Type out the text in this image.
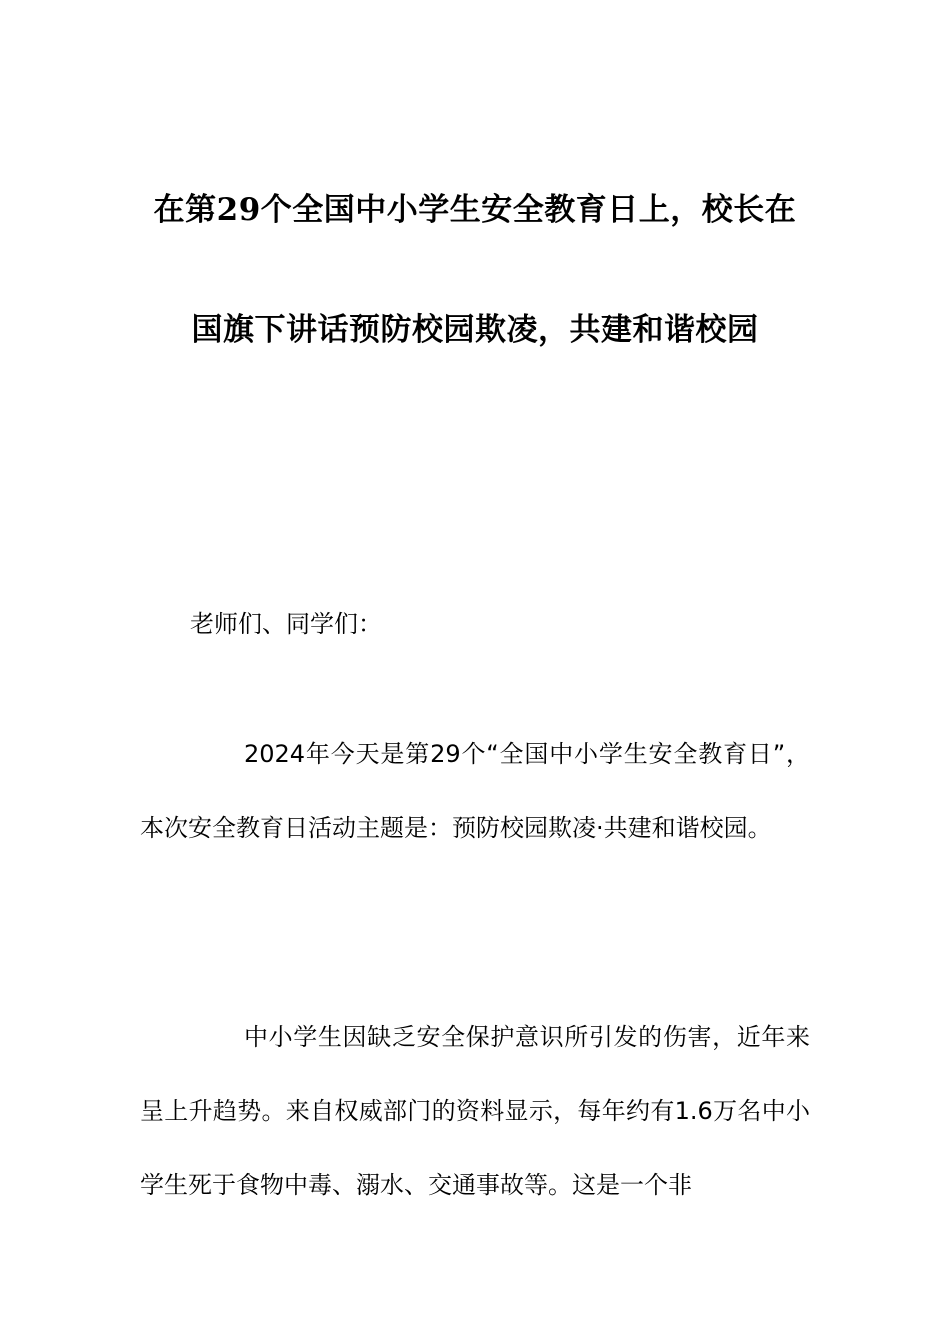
在第29个全国中小学生安全教育日上，校长在国旗下讲话预防校园欺凌，共建和谐校园

老师们、同学们：

2024年今天是第29个“全国中小学生安全教育日”，本次安全教育日活动主题是：预防校园欺凌·共建和谐校园。

中小学生因缺乏安全保护意识所引发的伤害，近年来呈上升趋势。来自权威部门的资料显示，每年约有1.6万名中小学生死于食物中毒、溺水、交通事故等。这是一个非
